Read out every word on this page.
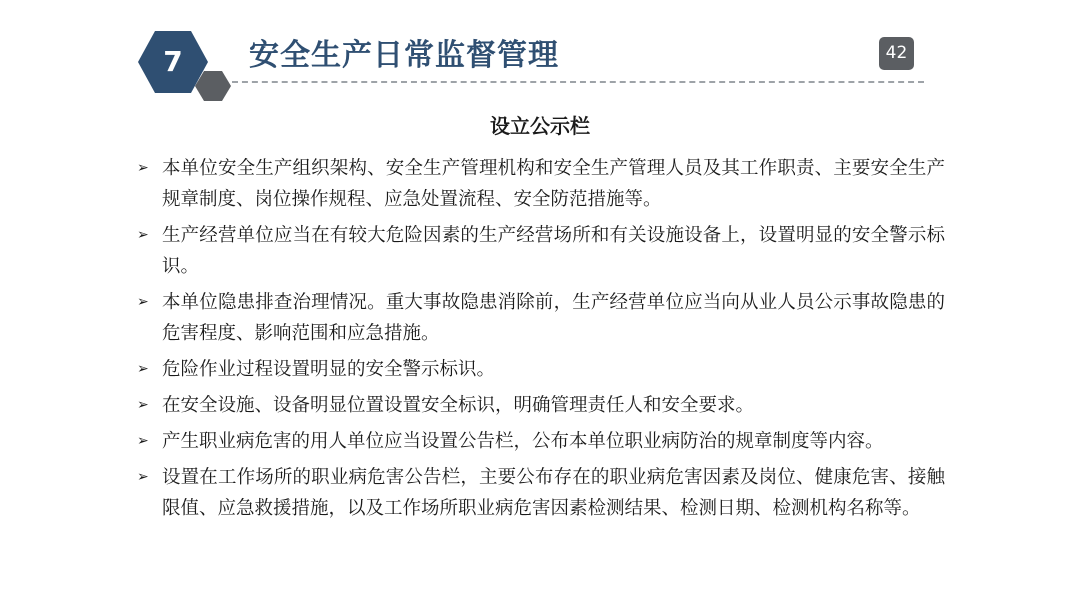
7	安全生产日常监督管理	42
设立公示栏
➢ 本单位安全生产组织架构、安全生产管理机构和安全生产管理人员及其工作职责、主要安全生产规章制度、岗位操作规程、应急处置流程、安全防范措施等。
➢ 生产经营单位应当在有较大危险因素的生产经营场所和有关设施设备上，设置明显的安全警示标识。
➢ 本单位隐患排查治理情况。重大事故隐患消除前，生产经营单位应当向从业人员公示事故隐患的危害程度、影响范围和应急措施。
➢ 危险作业过程设置明显的安全警示标识。
➢ 在安全设施、设备明显位置设置安全标识，明确管理责任人和安全要求。
➢ 产生职业病危害的用人单位应当设置公告栏，公布本单位职业病防治的规章制度等内容。
➢ 设置在工作场所的职业病危害公告栏，主要公布存在的职业病危害因素及岗位、健康危害、接触限值、应急救援措施，以及工作场所职业病危害因素检测结果、检测日期、检测机构名称等。
